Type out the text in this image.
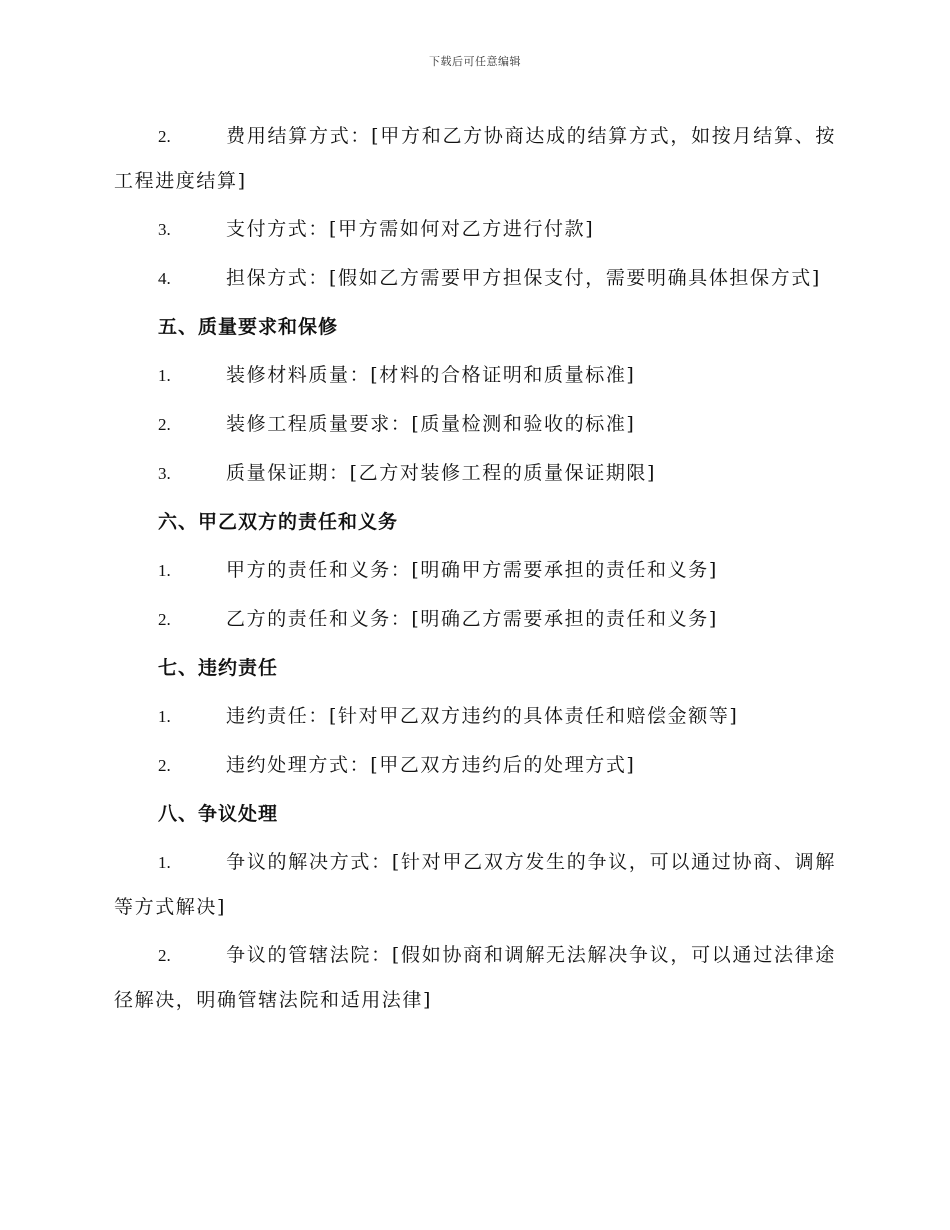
下载后可任意编辑

2.	费用结算方式：[甲方和乙方协商达成的结算方式，如按月结算、按工程进度结算]

3.	支付方式：[甲方需如何对乙方进行付款]

4.	担保方式：[假如乙方需要甲方担保支付，需要明确具体担保方式]

五、质量要求和保修

1.	装修材料质量：[材料的合格证明和质量标准]

2.	装修工程质量要求：[质量检测和验收的标准]

3.	质量保证期：[乙方对装修工程的质量保证期限]

六、甲乙双方的责任和义务

1.	甲方的责任和义务：[明确甲方需要承担的责任和义务]

2.	乙方的责任和义务：[明确乙方需要承担的责任和义务]

七、违约责任

1.	违约责任：[针对甲乙双方违约的具体责任和赔偿金额等]

2.	违约处理方式：[甲乙双方违约后的处理方式]

八、争议处理

1.	争议的解决方式：[针对甲乙双方发生的争议，可以通过协商、调解等方式解决]

2.	争议的管辖法院：[假如协商和调解无法解决争议，可以通过法律途径解决，明确管辖法院和适用法律]
